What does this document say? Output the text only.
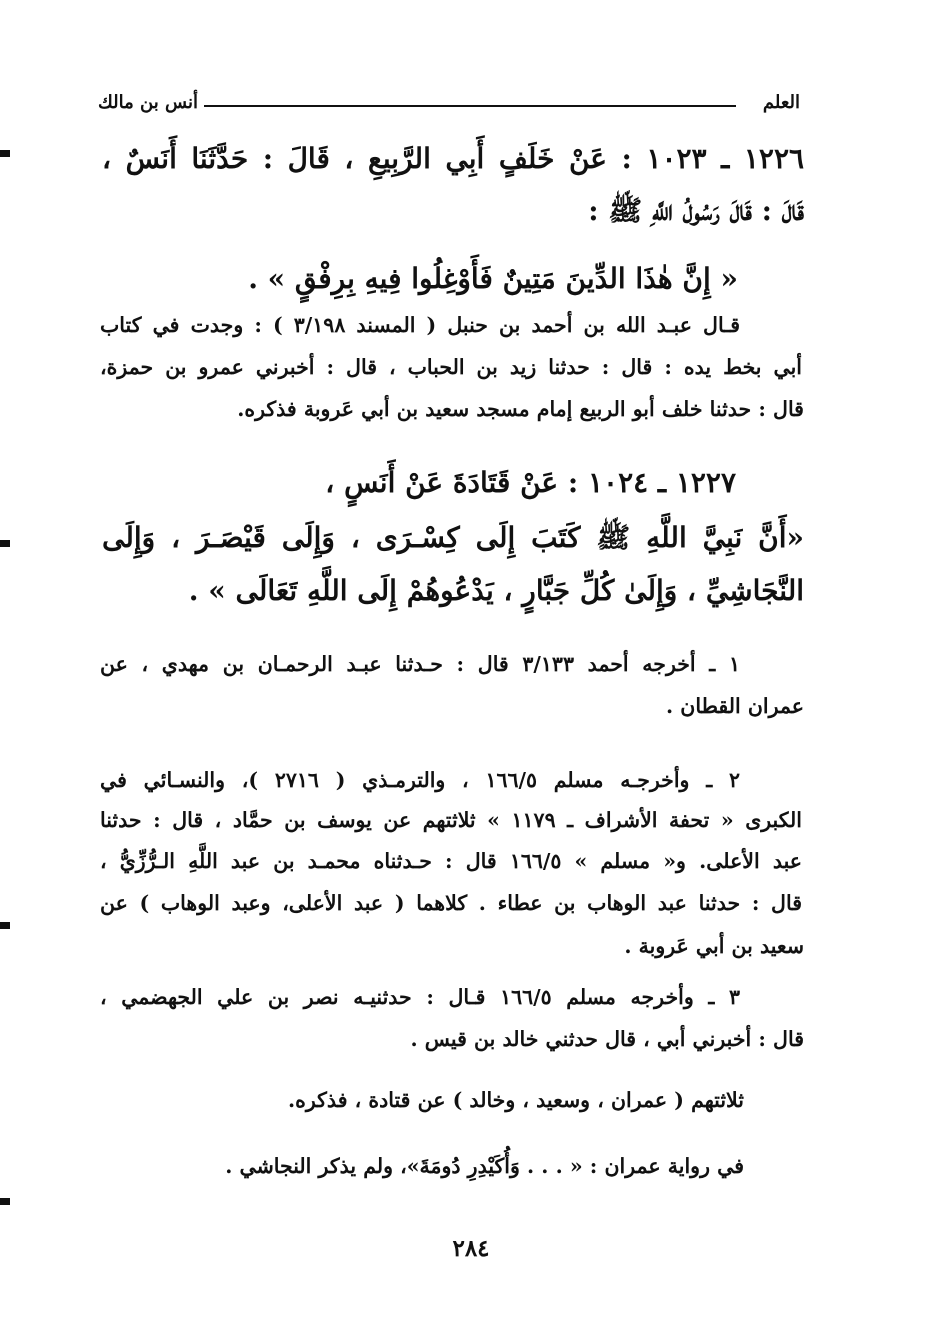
العلم
أنس بن مالك
١٢٢٦ ـ ١٠٢٣ : عَنْ خَلَفٍ أَبِي الرَّبِيعِ ، قَالَ : حَدَّثَنَا أَنَسٌ ،
قَالَ : قَالَ رَسُولُ اللَّهِ ﷺ :
« إِنَّ هٰذَا الدِّينَ مَتِينٌ فَأَوْغِلُوا فِيهِ بِرِفْقٍ » .
قـال عبـد الله بن أحمد بن حنبل ( المسند ٣/١٩٨ ) : وجدت في كتاب
أبي بخط يده : قال : حدثنا زيد بن الحباب ، قال : أخبرني عمرو بن حمزة،
قال : حدثنا خلف أبو الربيع إمام مسجد سعيد بن أبي عَروبة فذكره.
١٢٢٧ ـ ١٠٢٤ : عَنْ قَتَادَةَ عَنْ أَنَسٍ ،
«أَنَّ نَبِيَّ اللَّهِ ﷺ كَتَبَ إِلَى كِسْـرَى ، وَإِلَى قَيْصَـرَ ، وَإِلَى
النَّجَاشِيِّ ، وَإِلَىٰ كُلِّ جَبَّارٍ ، يَدْعُوهُمْ إِلَى اللَّهِ تَعَالَى » .
١ ـ أخرجه أحمد ٣/١٣٣ قال : حـدثنا عبـد الرحمـان بن مهدي ، عن
عمران القطان .
٢ ـ وأخرجـه مسلم ١٦٦/٥ ، والترمـذي ( ٢٧١٦ )، والنسـائي في
الكبرى « تحفة الأشراف ـ ١١٧٩ » ثلاثتهم عن يوسف بن حمَّاد ، قال : حدثنا
عبد الأعلى. و« مسلم » ١٦٦/٥ قال : حـدثناه محمـد بن عبد اللَّهِ الـرُّزِّيُّ ،
قال : حدثنا عبد الوهاب بن عطاء . كلاهما ( عبد الأعلى، وعبد الوهاب ) عن
سعيد بن أبي عَروبة .
٣ ـ وأخرجه مسلم ١٦٦/٥ قـال : حدثنيـه نصر بن علي الجهضمي ،
قال : أخبرني أبي ، قال حدثني خالد بن قيس .
ثلاثتهم ( عمران ، وسعيد ، وخالد ) عن قتادة ، فذكره.
في رواية عمران : « . . . وَأُكَيْدِرِ دُومَةَ»، ولم يذكر النجاشي .
٢٨٤
